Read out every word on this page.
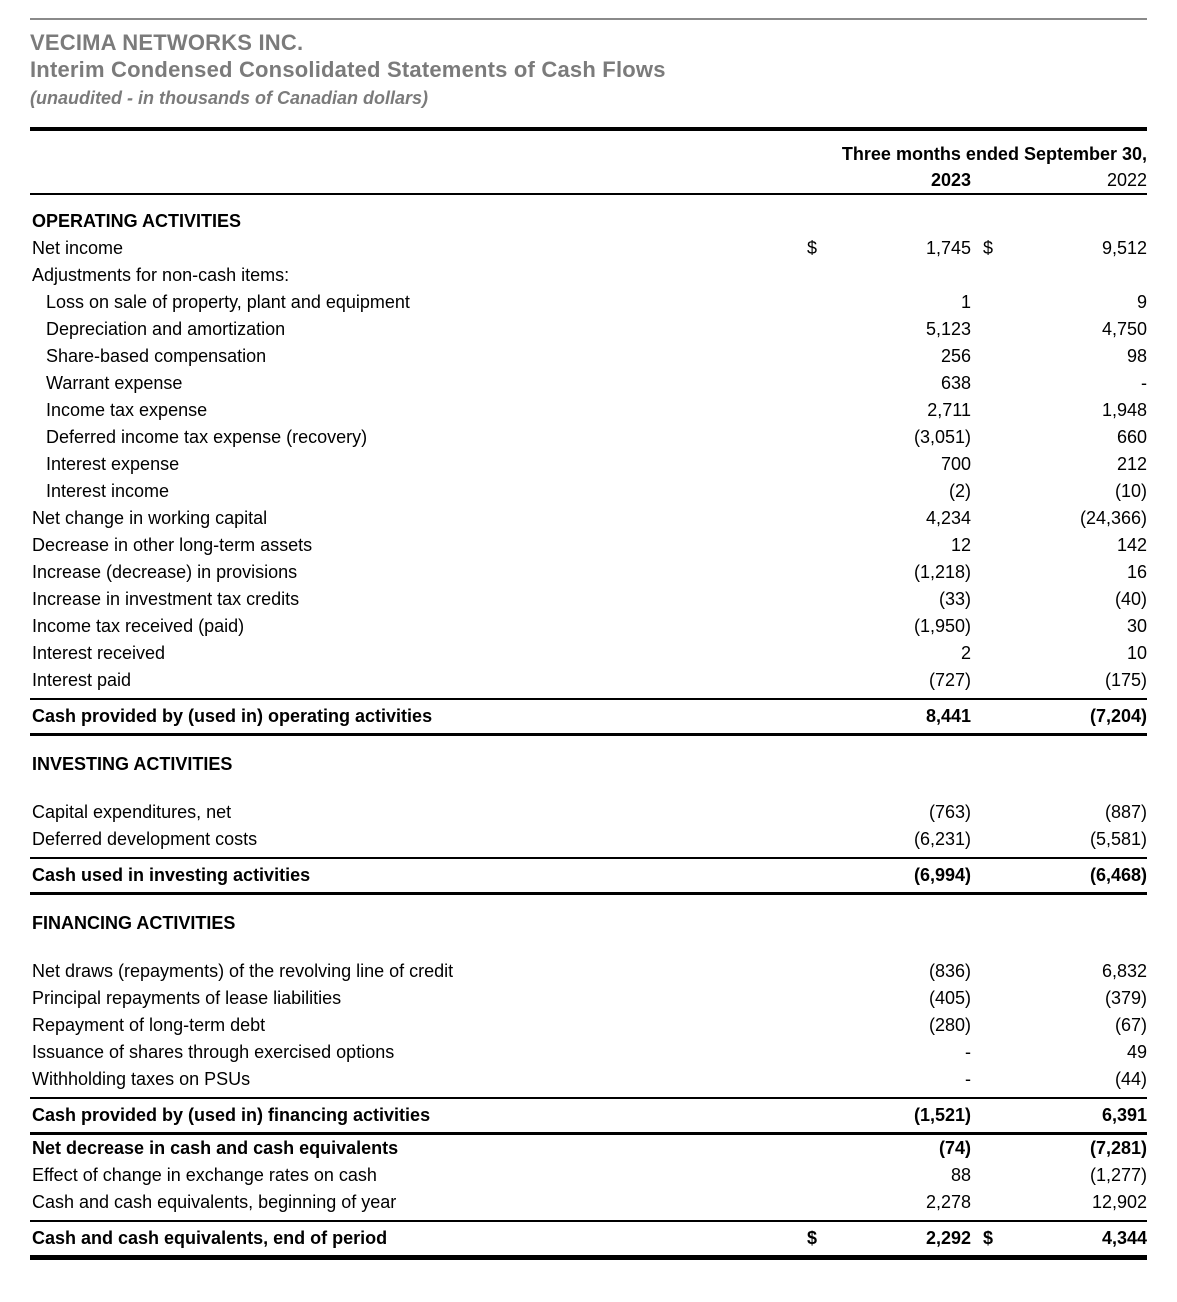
VECIMA NETWORKS INC.
Interim Condensed Consolidated Statements of Cash Flows
(unaudited - in thousands of Canadian dollars)
Three months ended September 30,
2023	2022
OPERATING ACTIVITIES
Net income	$	1,745 $	9,512
Adjustments for non-cash items:
Loss on sale of property, plant and equipment	1	9
Depreciation and amortization	5,123	4,750
Share-based compensation	256	98
Warrant expense	638	-
Income tax expense	2,711	1,948
Deferred income tax expense (recovery)	(3,051)	660
Interest expense	700	212
Interest income	(2)	(10)
Net change in working capital	4,234	(24,366)
Decrease in other long-term assets	12	142
Increase (decrease) in provisions	(1,218)	16
Increase in investment tax credits	(33)	(40)
Income tax received (paid)	(1,950)	30
Interest received	2	10
Interest paid	(727)	(175)
Cash provided by (used in) operating activities	8,441	(7,204)
INVESTING ACTIVITIES
Capital expenditures, net	(763)	(887)
Deferred development costs	(6,231)	(5,581)
Cash used in investing activities	(6,994)	(6,468)
FINANCING ACTIVITIES
Net draws (repayments) of the revolving line of credit	(836)	6,832
Principal repayments of lease liabilities	(405)	(379)
Repayment of long-term debt	(280)	(67)
Issuance of shares through exercised options	-	49
Withholding taxes on PSUs	-	(44)
Cash provided by (used in) financing activities	(1,521)	6,391
Net decrease in cash and cash equivalents	(74)	(7,281)
Effect of change in exchange rates on cash	88	(1,277)
Cash and cash equivalents, beginning of year	2,278	12,902
Cash and cash equivalents, end of period	$	2,292 $	4,344
